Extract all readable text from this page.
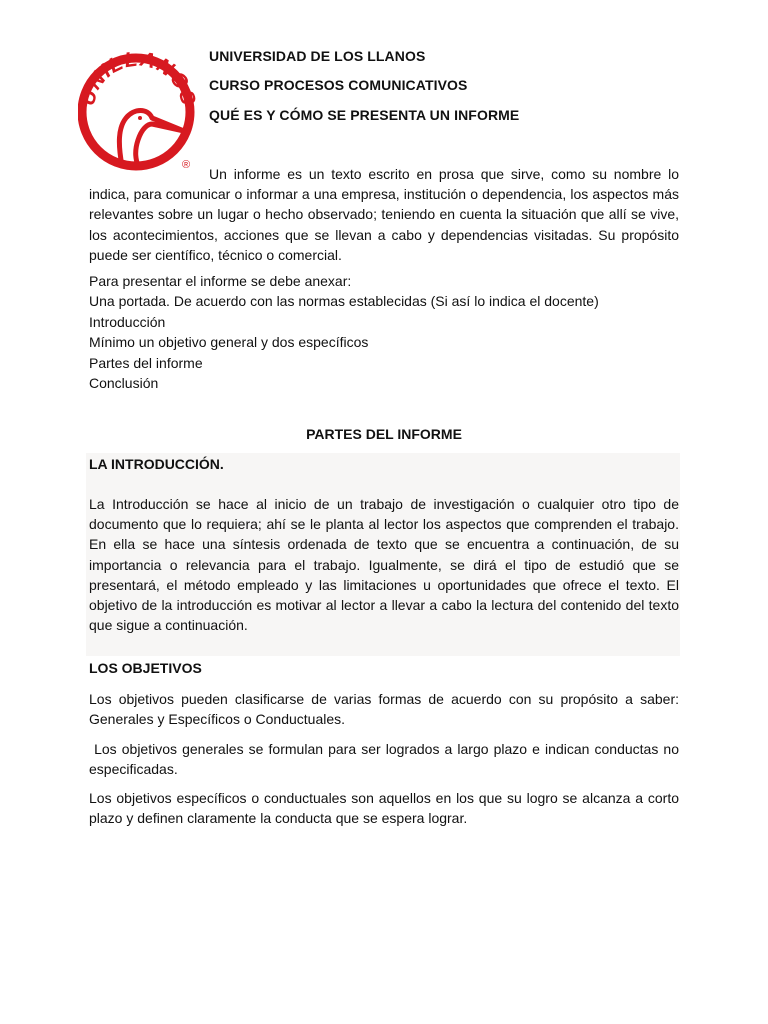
UNILLANOS
®
UNIVERSIDAD DE LOS LLANOS
CURSO PROCESOS COMUNICATIVOS
QUÉ ES Y CÓMO SE PRESENTA UN INFORME
Un informe es un texto escrito en prosa que sirve, como su nombre lo indica, para comunicar o informar a una empresa, institución o dependencia, los aspectos más relevantes sobre un lugar o hecho observado; teniendo en cuenta la situación que allí se vive, los acontecimientos, acciones que se llevan a cabo y dependencias visitadas. Su propósito puede ser científico, técnico o comercial.
Para presentar el informe se debe anexar:
Una portada. De acuerdo con las normas establecidas (Si así lo indica el docente)
Introducción
Mínimo un objetivo general y dos específicos
Partes del informe
Conclusión
PARTES DEL INFORME
LA INTRODUCCIÓN.
La Introducción se hace al inicio de un trabajo de investigación o cualquier otro tipo de documento que lo requiera; ahí se le planta al lector los aspectos que comprenden el trabajo. En ella se hace una síntesis ordenada de texto que se encuentra a continuación, de su importancia o relevancia para el trabajo. Igualmente, se dirá el tipo de estudió que se presentará, el método empleado y las limitaciones u oportunidades que ofrece el texto. El objetivo de la introducción es motivar al lector a llevar a cabo la lectura del contenido del texto que sigue a continuación.
LOS OBJETIVOS
Los objetivos pueden clasificarse de varias formas de acuerdo con su propósito a saber: Generales y Específicos o Conductuales.
Los objetivos generales se formulan para ser logrados a largo plazo e indican conductas no especificadas.
Los objetivos específicos o conductuales son aquellos en los que su logro se alcanza a corto plazo y definen claramente la conducta que se espera lograr.
